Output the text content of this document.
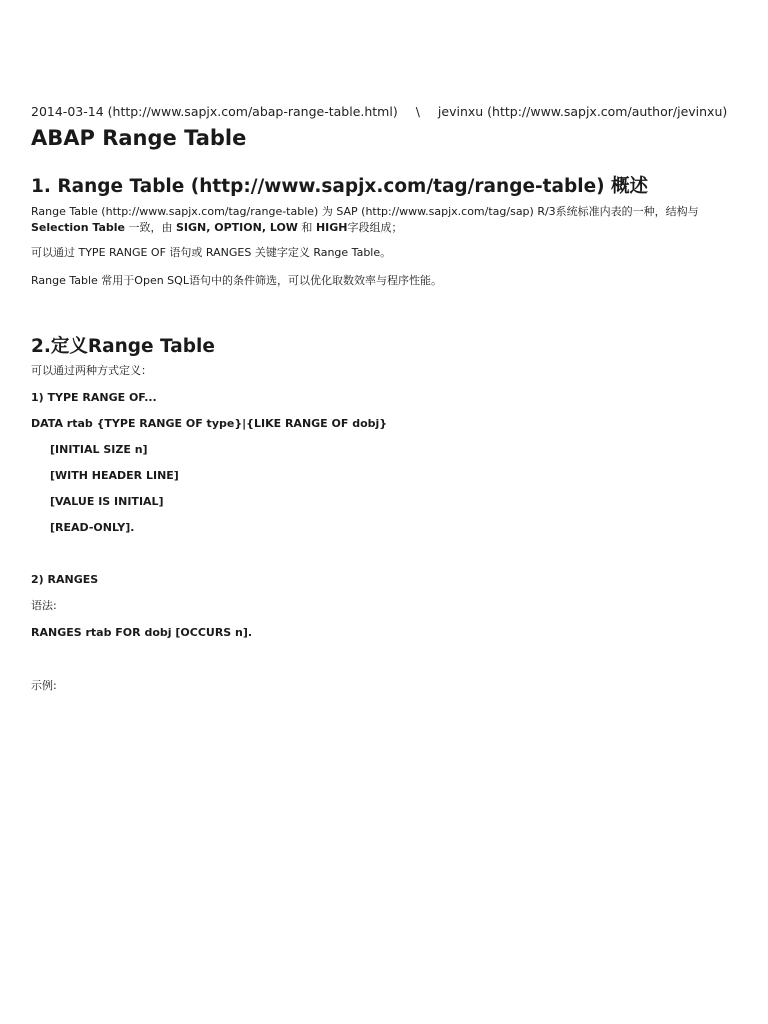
2014-03-14 (http://www.sapjx.com/abap-range-table.html) \ jevinxu (http://www.sapjx.com/author/jevinxu)
ABAP Range Table
1. Range Table (http://www.sapjx.com/tag/range-table) 概述

Range Table (http://www.sapjx.com/tag/range-table) 为 SAP (http://www.sapjx.com/tag/sap) R/3系统标准内表的一种，结构与

Selection Table 一致，由 SIGN, OPTION, LOW 和 HIGH字段组成；

可以通过 TYPE RANGE OF 语句或 RANGES 关键字定义 Range Table。

Range Table 常用于Open SQL语句中的条件筛选，可以优化取数效率与程序性能。

2.定义Range Table

可以通过两种方式定义：

1) TYPE RANGE OF...

DATA rtab {TYPE RANGE OF type}|{LIKE RANGE OF dobj}

[INITIAL SIZE n]

[WITH HEADER LINE]

[VALUE IS INITIAL]

[READ-ONLY].

2) RANGES

语法:

RANGES rtab FOR dobj [OCCURS n].

示例:
